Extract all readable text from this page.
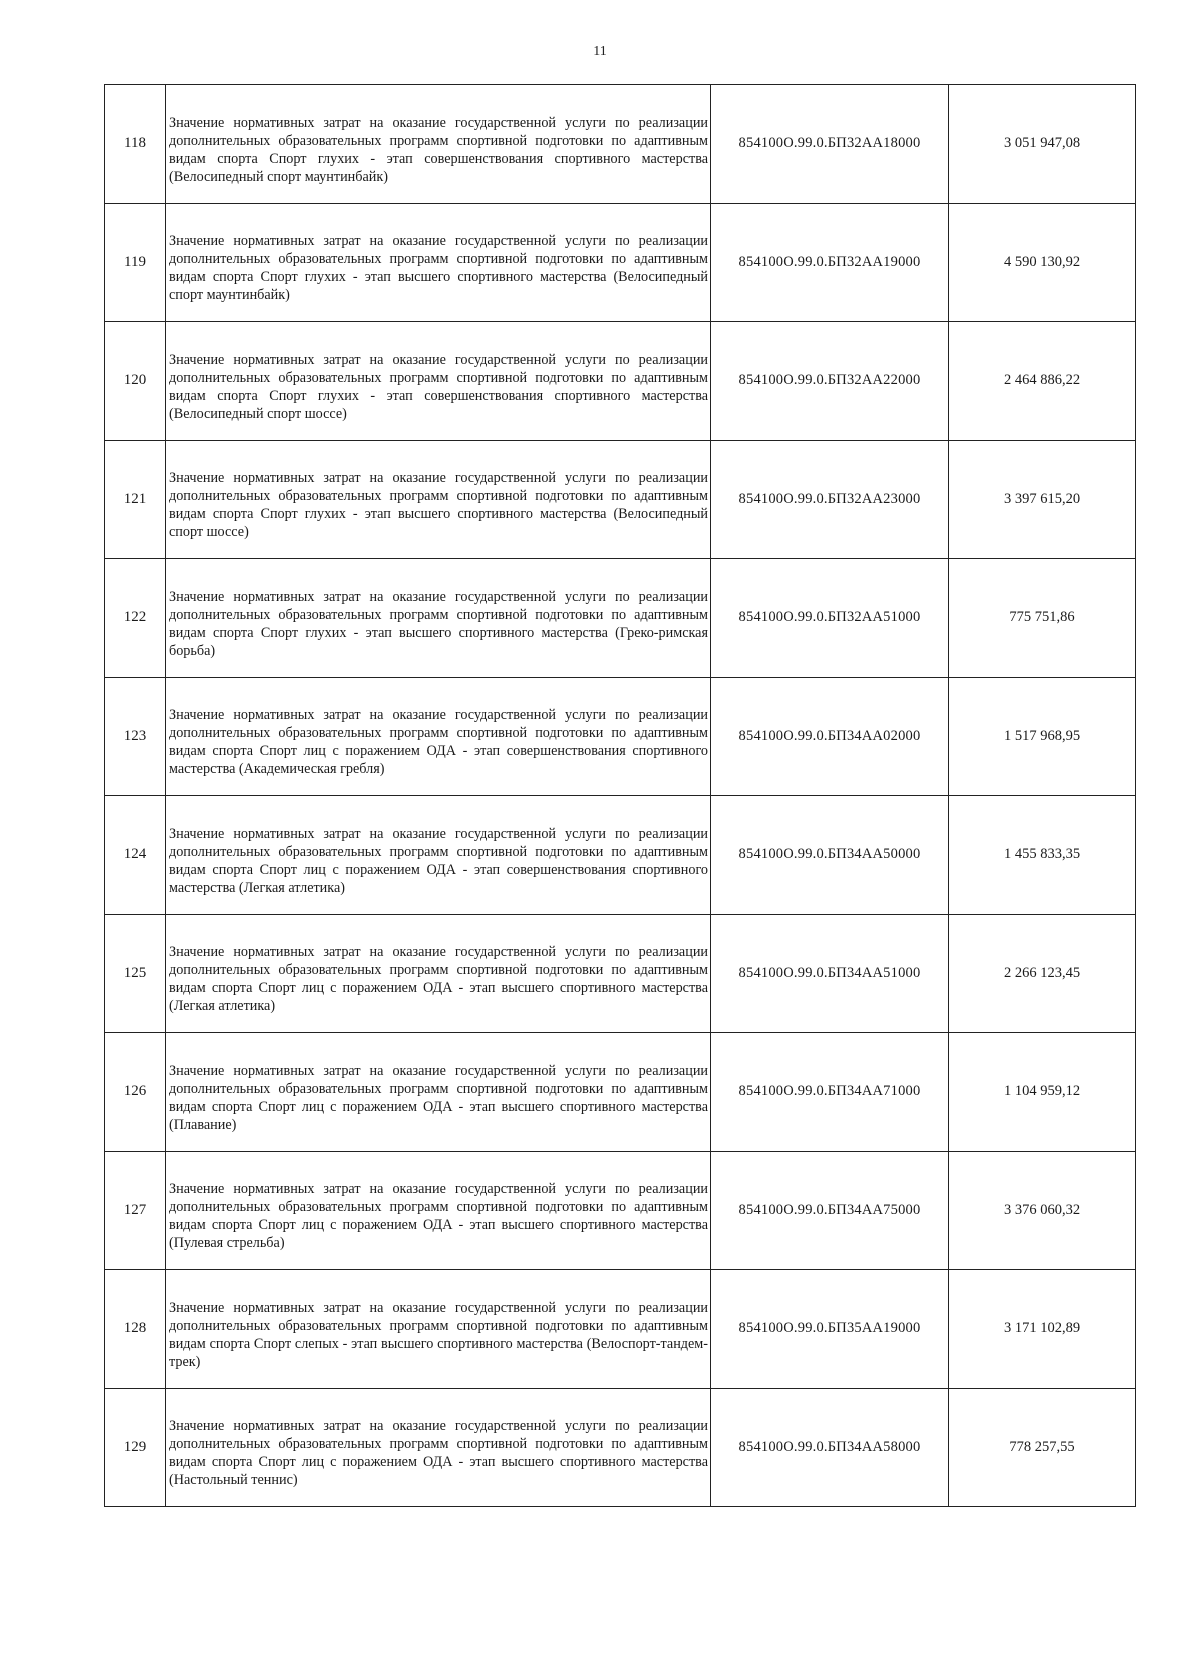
11
118	Значение нормативных затрат на оказание государственной услуги по реализации дополнительных образовательных программ спортивной подготовки по адаптивным видам спорта Спорт глухих - этап совершенствования спортивного мастерства (Велосипедный спорт маунтинбайк)	854100О.99.0.БП32АА18000	3 051 947,08
119	Значение нормативных затрат на оказание государственной услуги по реализации дополнительных образовательных программ спортивной подготовки по адаптивным видам спорта Спорт глухих - этап высшего спортивного мастерства (Велосипедный спорт маунтинбайк)	854100О.99.0.БП32АА19000	4 590 130,92
120	Значение нормативных затрат на оказание государственной услуги по реализации дополнительных образовательных программ спортивной подготовки по адаптивным видам спорта Спорт глухих - этап совершенствования спортивного мастерства (Велосипедный спорт шоссе)	854100О.99.0.БП32АА22000	2 464 886,22
121	Значение нормативных затрат на оказание государственной услуги по реализации дополнительных образовательных программ спортивной подготовки по адаптивным видам спорта Спорт глухих - этап высшего спортивного мастерства (Велосипедный спорт шоссе)	854100О.99.0.БП32АА23000	3 397 615,20
122	Значение нормативных затрат на оказание государственной услуги по реализации дополнительных образовательных программ спортивной подготовки по адаптивным видам спорта Спорт глухих - этап высшего спортивного мастерства (Греко-римская борьба)	854100О.99.0.БП32АА51000	775 751,86
123	Значение нормативных затрат на оказание государственной услуги по реализации дополнительных образовательных программ спортивной подготовки по адаптивным видам спорта Спорт лиц с поражением ОДА - этап совершенствования спортивного мастерства (Академическая гребля)	854100О.99.0.БП34АА02000	1 517 968,95
124	Значение нормативных затрат на оказание государственной услуги по реализации дополнительных образовательных программ спортивной подготовки по адаптивным видам спорта Спорт лиц с поражением ОДА - этап совершенствования спортивного мастерства (Легкая атлетика)	854100О.99.0.БП34АА50000	1 455 833,35
125	Значение нормативных затрат на оказание государственной услуги по реализации дополнительных образовательных программ спортивной подготовки по адаптивным видам спорта Спорт лиц с поражением ОДА - этап высшего спортивного мастерства (Легкая атлетика)	854100О.99.0.БП34АА51000	2 266 123,45
126	Значение нормативных затрат на оказание государственной услуги по реализации дополнительных образовательных программ спортивной подготовки по адаптивным видам спорта Спорт лиц с поражением ОДА - этап высшего спортивного мастерства (Плавание)	854100О.99.0.БП34АА71000	1 104 959,12
127	Значение нормативных затрат на оказание государственной услуги по реализации дополнительных образовательных программ спортивной подготовки по адаптивным видам спорта Спорт лиц с поражением ОДА - этап высшего спортивного мастерства (Пулевая стрельба)	854100О.99.0.БП34АА75000	3 376 060,32
128	Значение нормативных затрат на оказание государственной услуги по реализации дополнительных образовательных программ спортивной подготовки по адаптивным видам спорта Спорт слепых - этап высшего спортивного мастерства (Велоспорт-тандем-трек)	854100О.99.0.БП35АА19000	3 171 102,89
129	Значение нормативных затрат на оказание государственной услуги по реализации дополнительных образовательных программ спортивной подготовки по адаптивным видам спорта Спорт лиц с поражением ОДА - этап высшего спортивного мастерства (Настольный теннис)	854100О.99.0.БП34АА58000	778 257,55
